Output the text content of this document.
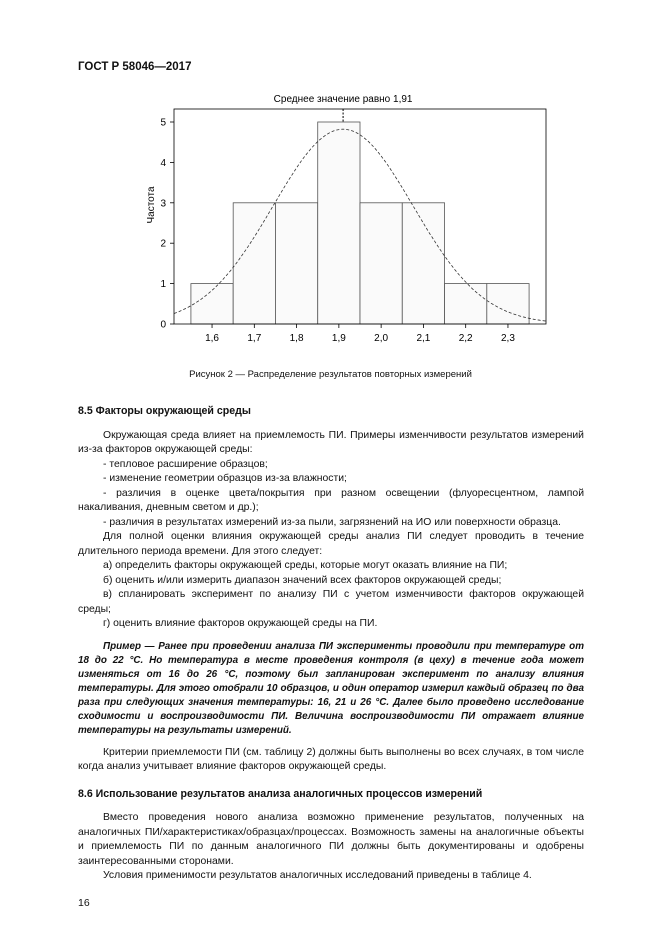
ГОСТ Р 58046—2017
Среднее значение равно 1,91
Частота
1,6	1,7	1,8	1,9	2,0	2,1	2,2	2,3
0
1
2
3
4
5
Рисунок 2 — Распределение результатов повторных измерений
8.5 Факторы окружающей среды

Окружающая среда влияет на приемлемость ПИ. Примеры изменчивости результатов измерений из-за факторов окружающей среды:

- тепловое расширение образцов;

- изменение геометрии образцов из-за влажности;

- различия в оценке цвета/покрытия при разном освещении (флуоресцентном, лампой накаливания, дневным светом и др.);

- различия в результатах измерений из-за пыли, загрязнений на ИО или поверхности образца.

Для полной оценки влияния окружающей среды анализ ПИ следует проводить в течение длительного периода времени. Для этого следует:

а) определить факторы окружающей среды, которые могут оказать влияние на ПИ;

б) оценить и/или измерить диапазон значений всех факторов окружающей среды;

в) спланировать эксперимент по анализу ПИ с учетом изменчивости факторов окружающей среды;

г) оценить влияние факторов окружающей среды на ПИ.

Пример — Ранее при проведении анализа ПИ эксперименты проводили при температуре от 18 до 22 °С. Но температура в месте проведения контроля (в цеху) в течение года может изменяться от 16 до 26 °С, поэтому был запланирован эксперимент по анализу влияния температуры. Для этого отобрали 10 образцов, и один оператор измерил каждый образец по два раза при следующих значения температуры: 16, 21 и 26 °С. Далее было проведено исследование сходимости и воспроизводимости ПИ. Величина воспроизводимости ПИ отражает влияние температуры на результаты измерений.

Критерии приемлемости ПИ (см. таблицу 2) должны быть выполнены во всех случаях, в том числе когда анализ учитывает влияние факторов окружающей среды.

8.6 Использование результатов анализа аналогичных процессов измерений

Вместо проведения нового анализа возможно применение результатов, полученных на аналогичных ПИ/характеристиках/образцах/процессах. Возможность замены на аналогичные объекты и приемлемость ПИ по данным аналогичного ПИ должны быть документированы и одобрены заинтересованными сторонами.

Условия применимости результатов аналогичных исследований приведены в таблице 4.

16
